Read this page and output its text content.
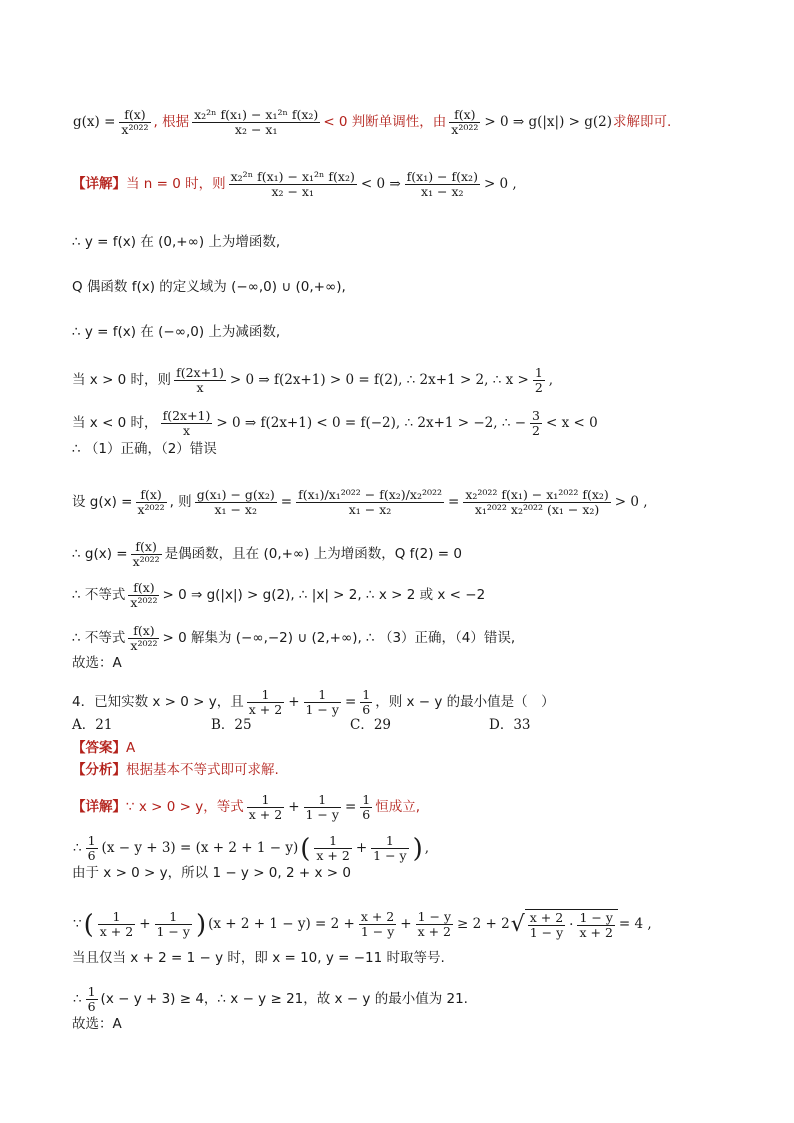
$g(x) = \frac{f(x)}{\text{x²⁰²²}}$ , 根据 $\frac{\text{x₂²ⁿ f(x₁) − x₁²ⁿ f(x₂)}}{\text{x₂ − x₁}} < 0$ 判断单调性，由 $\frac{f(x)}{\text{x²⁰²²}} > 0$ ⇒ g(|x|) > g(2) 求解即可.
【详解】 当 n = 0 时，则 $\frac{\text{x₂²ⁿ f(x₁) − x₁²ⁿ f(x₂)}}{\text{x₂ − x₁}} < 0$ ⇒ $\frac{\text{f(x₁) − f(x₂)}}{\text{x₁ − x₂}} > 0$ ,
∴ y = f(x) 在 (0,+∞) 上为增函数,
Q 偶函数 f(x) 的定义域为 (−∞,0) ∪ (0,+∞),
∴ y = f(x) 在 (−∞,0) 上为减函数,
当 x > 0 时，则 $\frac{f(2x+1)}{x} > 0$ ⇒ f(2x+1) > 0 = f(2), ∴ 2x+1 > 2, ∴ $x > \frac{1}{2}$ ,
当 x < 0 时， $\frac{f(2x+1)}{x} > 0$ ⇒ f(2x+1) < 0 = f(−2), ∴ 2x+1 > −2, ∴ − $\frac{3}{2} < x < 0$
∴ （1）正确，（2）错误
设 $g(x) = \frac{f(x)}{\text{x²⁰²²}}$ , 则 $\frac{\text{g(x₁) − g(x₂)}}{\text{x₁ − x₂}} = \frac{\text{f(x₁)/x₁²⁰²² − f(x₂)/x₂²⁰²²}}{\text{x₁ − x₂}} = \frac{\text{x₂²⁰²² f(x₁) − x₁²⁰²² f(x₂)}}{\text{x₁²⁰²² x₂²⁰²² (x₁ − x₂)}} > 0$ ,
∴ $g(x) = \frac{f(x)}{\text{x²⁰²²}}$ 是偶函数，且在 (0,+∞) 上为增函数，Q f(2) = 0
∴ 不等式 $\frac{f(x)}{\text{x²⁰²²}} > 0$ ⇒ g(|x|) > g(2), ∴ |x| > 2, ∴ x > 2 或 x < −2
∴ 不等式 $\frac{f(x)}{\text{x²⁰²²}} > 0$ 解集为 (−∞,−2) ∪ (2,+∞), ∴ （3）正确，（4）错误,
故选：A
4．已知实数 x > 0 > y，且 $\frac{1}{x + 2} + \frac{1}{1 - y} = \frac{1}{6}$ ，则 x − y 的最小值是（　）
A．21	B．25	C．29	D．33
【答案】 A
【分析】 根据基本不等式即可求解.
【详解】 ∵ x > 0 > y，等式 $\frac{1}{x + 2} + \frac{1}{1 - y} = \frac{1}{6}$ 恒成立,
∴ $\frac{1}{6} (x - y + 3) = (x + 2 + 1 - y)$ ( $\frac{1}{x + 2} + \frac{1}{1 - y}$ ) ,
由于 x > 0 > y，所以 1 − y > 0, 2 + x > 0
∵ ( $\frac{1}{x + 2} + \frac{1}{1 - y}$ ) $(x + 2 + 1 - y) = 2 + \frac{x + 2}{1 - y} + \frac{1 - y}{x + 2} \ge 2 + 2$ √ $\frac{x + 2}{1 - y} \cdot \frac{1 - y}{x + 2} = 4$ ,
当且仅当 x + 2 = 1 − y 时，即 x = 10, y = −11 时取等号.
∴ $\frac{1}{6} (x - y + 3) \ge 4$，∴ x − y ≥ 21，故 x − y 的最小值为 21.
故选：A
